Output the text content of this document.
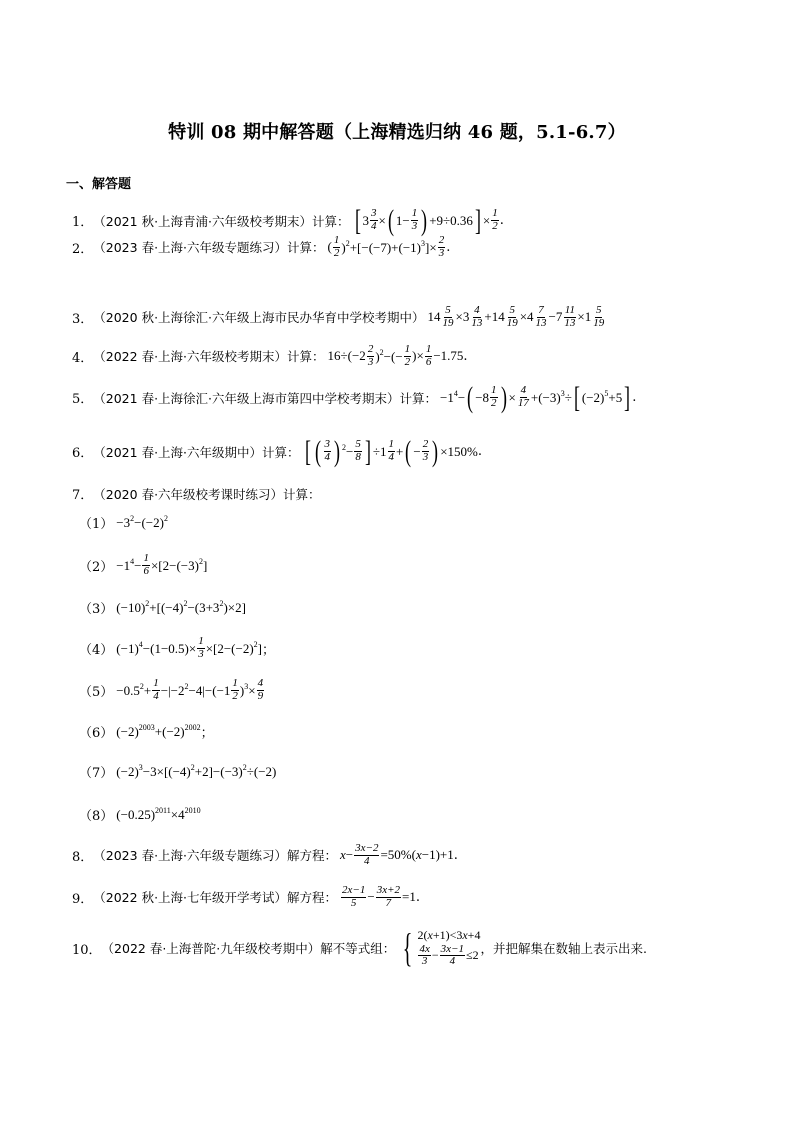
特训 08 期中解答题（上海精选归纳 46 题，5.1-6.7）
一、解答题
1． （2021 秋·上海青浦·六年级校考期末）计算： [ $3 \frac{3}{4}$ × ( $1- \frac{1}{3}$ ) +9÷0.36 ] × $\frac{1}{2}$ .
2． （2023 春·上海·六年级专题练习）计算： ( $\frac{1}{2} )^2+[-(-7)+(-1)^3]\times \frac{2}{3}$ .
3． （2020 秋·上海徐汇·六年级上海市民办华育中学校考期中） $14 \frac{5}{19} \times 3 \frac{4}{13} +14 \frac{5}{19} \times 4 \frac{7}{13} -7 \frac{11}{13} \times 1 \frac{5}{19}$
4． （2022 春·上海·六年级校考期末）计算： $16\div(-2 \frac{2}{3} )^2-(- \frac{1}{2}$ )× $\frac{1}{6} -1.75$ .
5． （2021 春·上海徐汇·六年级上海市第四中学校考期末）计算： $-1^4-$ ( $-8 \frac{1}{2}$ ) × $\frac{4}{17} +(-3)^3\div$ [ $(-2)^5+5$ ] .
6． （2021 春·上海·六年级期中）计算： [ ( $\frac{3}{4}$ ) $^2- \frac{5}{8}$ ] $\div 1 \frac{1}{4}$ + ( − $\frac{2}{3}$ ) ×150% .
7． （2020 春·六年级校考课时练习）计算：
$(1) -3^2-(-2)^2$
$(2) -1^4- \frac{1}{6} \times[2-(-3)^2]$
（3） $(-10)^2+[(-4)^2-(3+3^2)\times 2]$
（4） $(-1)^4-(1-0.5)\times \frac{1}{3} \times[2-(-2)^2]$ ；
$(5) -0.5^2+ \frac{1}{4} -|-2^2-4|-(-1 \frac{1}{2} )^3\times \frac{4}{9}$
（6） $(-2)^{2003}+(-2)^{2002}$ ；
（7） $(-2)^3-3\times[(-4)^2+2]-(-3)^2\div(-2)$
（8） $(-0.25)^{2011}\times 4^{2010}$
8． （2023 春·上海·六年级专题练习）解方程： $x - \frac{3x-2}{4} =50\%$( x −1)+1 .
9． （2022 秋·上海·七年级开学考试）解方程： $\frac{2x-1}{5} - \frac{3x+2}{7} =1$ .
10． （2022 春·上海普陀·九年级校考期中）解不等式组： { 2(x+1)<3x+4
$\frac{4x}{3} - \frac{3x-1}{4} \le 2$ ，并把解集在数轴上表示出来.
